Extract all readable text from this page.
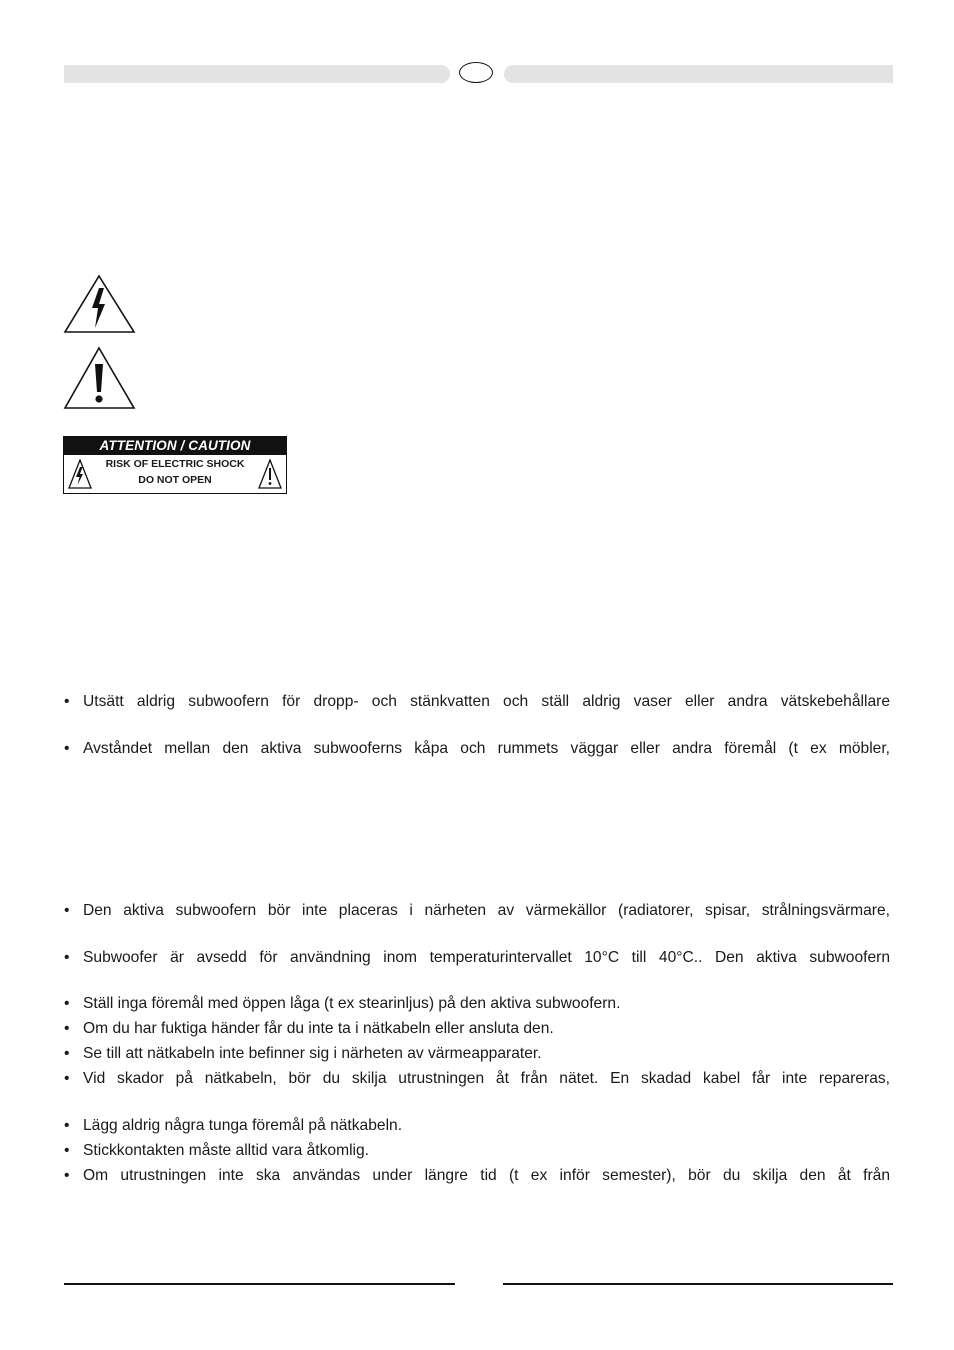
ATTENTION / CAUTION
RISK OF ELECTRIC SHOCK
DO NOT OPEN
• Utsätt aldrig subwoofern för dropp- och stänkvatten och ställ aldrig vaser eller andra vätskebehållare
• Avståndet mellan den aktiva subwooferns kåpa och rummets väggar eller andra föremål (t ex möbler,
• Den aktiva subwoofern bör inte placeras i närheten av värmekällor (radiatorer, spisar, strålningsvärmare,
• Subwoofer är avsedd för användning inom temperaturintervallet 10°C till 40°C.. Den aktiva subwoofern
• Ställ inga föremål med öppen låga (t ex stearinljus) på den aktiva subwoofern.
• Om du har fuktiga händer får du inte ta i nätkabeln eller ansluta den.
• Se till att nätkabeln inte befinner sig i närheten av värmeapparater.
• Vid skador på nätkabeln, bör du skilja utrustningen åt från nätet. En skadad kabel får inte repareras,
• Lägg aldrig några tunga föremål på nätkabeln.
• Stickkontakten måste alltid vara åtkomlig.
• Om utrustningen inte ska användas under längre tid (t ex inför semester), bör du skilja den åt från
